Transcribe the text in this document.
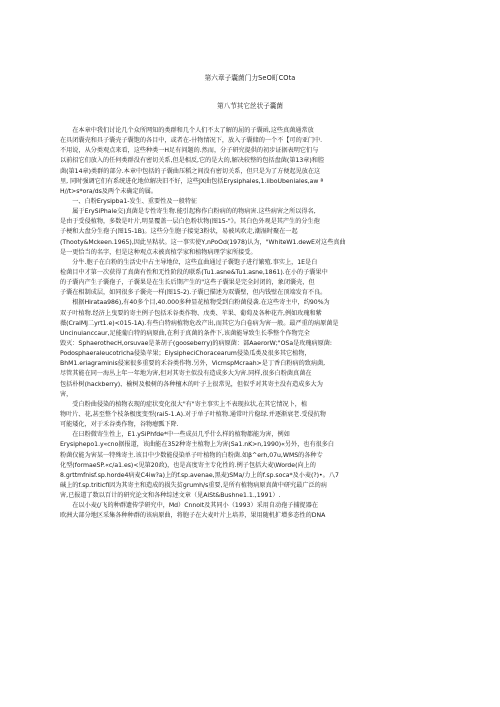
第六章子囊菌门力SeO町COta
第八节其它丝状子囊菌
　　在本章中我们讨论几个众所网知的类群和几个人们不太了解的屈的子囊函,这些真菌通常放
在具闭囊壳和具子囊壳子囊饱的各目中，或者在-卄物情况下，放入子囊储的一个不【可的亚门中.
不用说，从分类观点来看，这些种类一H足有问题的.然而，分子研究提供的初步证据表明它们与
以前招它们放入的任何类群没有密切关系,但是相反,它的是大的,解决较整的包括盘菌(第13章)和腔
菌(第14章)类群的部分.本章中包括的子囊曲压稻之间没有密切关系，但只是为了方便起见放在这
里, 同时强调它们有系统进化地位解决旧不好，这些JX曲包括Erysiphales,1.iiboUbeniales,aw ª
H//t>s*ora/ds及两个未确定的属。
　　一、白粉Erysipba1-发生、重要性及一般特征
　　属于ErySiPhale交)真菌是专性寄生物.能引起称作白粉病的的物病害.这些病害之所以得名,
是由于受侵植物，多数是叶片,明显覆盖一层白色粉状物(图15-"》。其白色外观是其产生的分生孢
子梗和大盘分生孢子(图15-1B)。这些分生胞子接觉3粉状，易被风吹走,潮湿时聚在一起
(Thooty&Mckeen.1965),因此呈粘状。这一事实使Y,nPoOd(1978)认为，"WhiteW1.dewE对这些真曲
是一更恰当的名字，但是这种观点未被真植学家和植物病理学家所接受。
　　分牛.胞子在白粉的生活史中占主导地位，这些直曲通过子囊饱子进行繁殖.事实上，1E是白
检菌目中才第一次获得了真菌有性和无性阶段的联系(Tu1.asne&Tu1.asne,1861).在小的子囊果中
的子囊内产生子囊孢子，子囊果是在生长后期产生的"这些子囊果是完全封闭的，象闭囊壳，但
子囊在相制成层，如同很多子囊壳一样(图15-2).子囊已描述为双囊壁，但内钱壁在顶端发育不良。
　　根据Hirataa986),有40多个目,40.000多种显花植物受到白粉菌侵袭.在这些寄主中，约90%为
双子叶植物.经济上曳要的寄主例子包括禾谷类作物、戊类、苹果、葡萄及各种花卉,例如玫瑰和紫
薇(CralMJ二yrt1.e)<015-1A).有些白特病植物危改产出,而其它为白卷病为害一般。最严重的病原菌是
Uncinuianccaur,足能葡白特的病原曲,在利于真菌的条件下,该菌能导致生长季整个作物完全
毁灭：SphaerothecH,orsuvae是茶胡子(gooseberry)的病原菌：部AaerorW;"OSa是玫瑰病原菌:
Podosphaeraleucotricha侵染苹果；EiysipheciChoracearum侵染瓜类及很多其它植物，
BhM1.eriagraminis侵案很多重要的禾谷类作物.另外，VicmspMcraah>是丁香白粉病的致病菌,
尽管其能在同一海丛上年一年地为害,但对其寄主似没有造成多大为害.同样,很多白粉菌真菌在
包括朴树(hackberry)、榆树及极树的各种檀木的叶子上很常见，但似乎对其寄主没有造成多大为
害，
　　受白粉曲侵染的植物衣现的症状变化很大"有"寄主事实上不表现拉状,在其它情况卜，植
物叶片、花,甚至整个枝条极度变型(rai5-1.A).对于单子叶植物.通常叶片稳绿.并逐渐衰老.受侵抗物
可能矮化，对于禾谷类作物，谷物瘪瓢下降.
　　在曰粉微寄生性上，E1.ySiPhfde*中一些成员几乎什么样的植物都能为害，例如
Erysiphepo1.y«cno据报道，该曲能在352种寄主植物上为害(Sa1.nK>n,1990)«另外，也有很多白
粉菌仅能为害某一特殊寄主.该目中少数能侵染单子叶植物的白粉菌.如β^erh,07u,WMS的各种专
化型(formaeSP.«c/a1.es)<见第20政)，也是高度寄主专化性的.例子包括大麦\Worde(向上的
8.grttmfnisf.sp.horde4病麦C4iw?a)上的f.sp.avenae,黑麦)SMa/力上的f.sp.soca*及小麦(?)•。八7
碱上的f.sp.triticfl因为其寄主和造成的损失贫grumh/s重要,是所有植物病原真菌中研究最广泛的病
害,已报道了数以百计的研究论文和各种综述文章（见AiSt&Bushne1.1.,1991）.
　　在以小麦(/飞的种群遗传学研究中，Md）Cnnolt及其同小（1993）采用自动孢子捕捉器在
欧洲大部分地区采集各种种群的该病原曲，将胞子在大麦叶片上培养，果用随机扩增多态性的DNA
